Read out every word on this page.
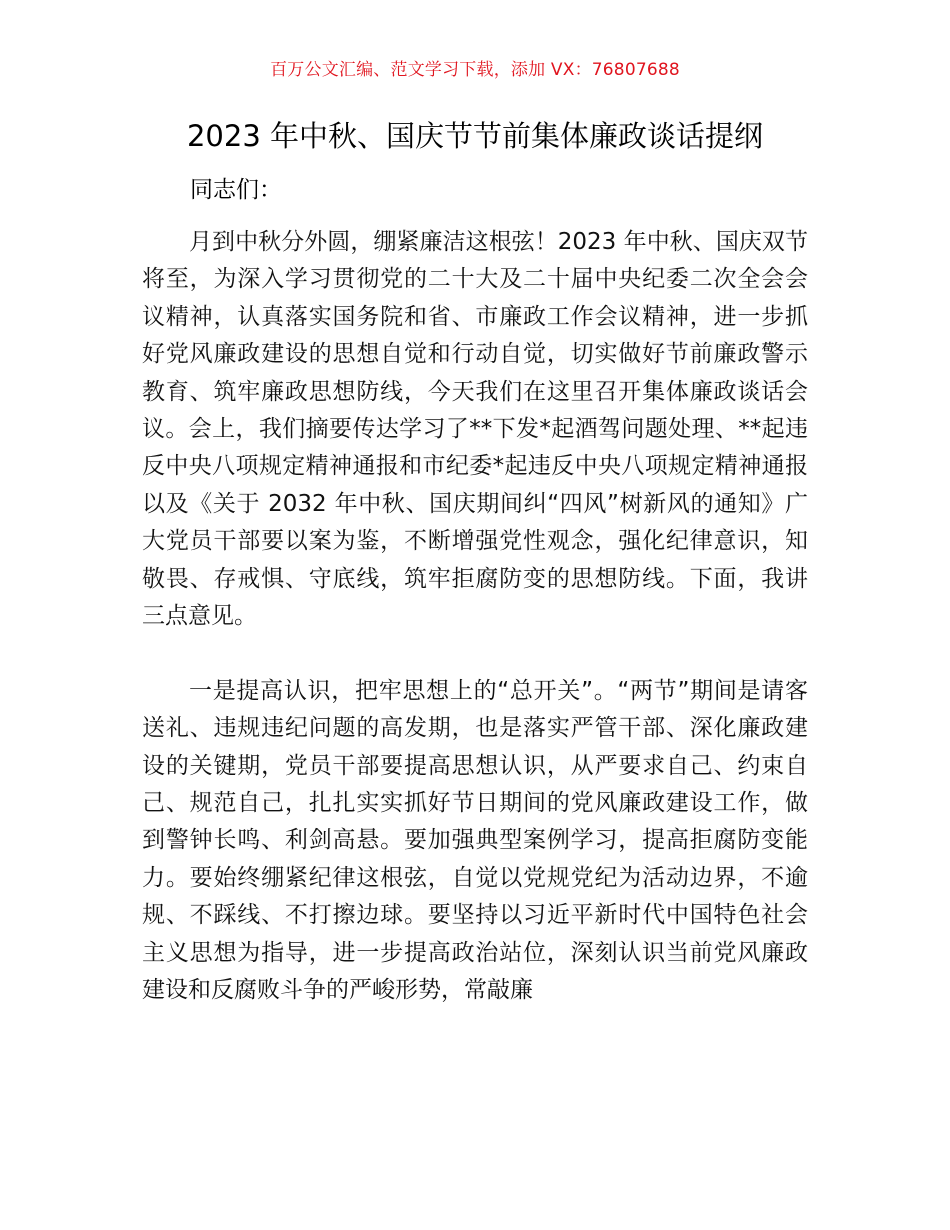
百万公文汇编、范文学习下载，添加 VX：76807688
2023 年中秋、国庆节节前集体廉政谈话提纲
同志们：

月到中秋分外圆，绷紧廉洁这根弦！2023 年中秋、国庆双节将至，为深入学习贯彻党的二十大及二十届中央纪委二次全会会议精神，认真落实国务院和省、市廉政工作会议精神，进一步抓好党风廉政建设的思想自觉和行动自觉，切实做好节前廉政警示教育、筑牢廉政思想防线，今天我们在这里召开集体廉政谈话会议。会上，我们摘要传达学习了**下发*起酒驾问题处理、**起违反中央八项规定精神通报和市纪委*起违反中央八项规定精神通报以及《关于 2032 年中秋、国庆期间纠“四风”树新风的通知》广大党员干部要以案为鉴，不断增强党性观念，强化纪律意识，知敬畏、存戒惧、守底线，筑牢拒腐防变的思想防线。下面，我讲三点意见。

一是提高认识，把牢思想上的“总开关”。“两节”期间是请客送礼、违规违纪问题的高发期，也是落实严管干部、深化廉政建设的关键期，党员干部要提高思想认识，从严要求自己、约束自己、规范自己，扎扎实实抓好节日期间的党风廉政建设工作，做到警钟长鸣、利剑高悬。要加强典型案例学习，提高拒腐防变能力。要始终绷紧纪律这根弦，自觉以党规党纪为活动边界，不逾规、不踩线、不打擦边球。要坚持以习近平新时代中国特色社会主义思想为指导，进一步提高政治站位，深刻认识当前党风廉政建设和反腐败斗争的严峻形势，常敲廉
